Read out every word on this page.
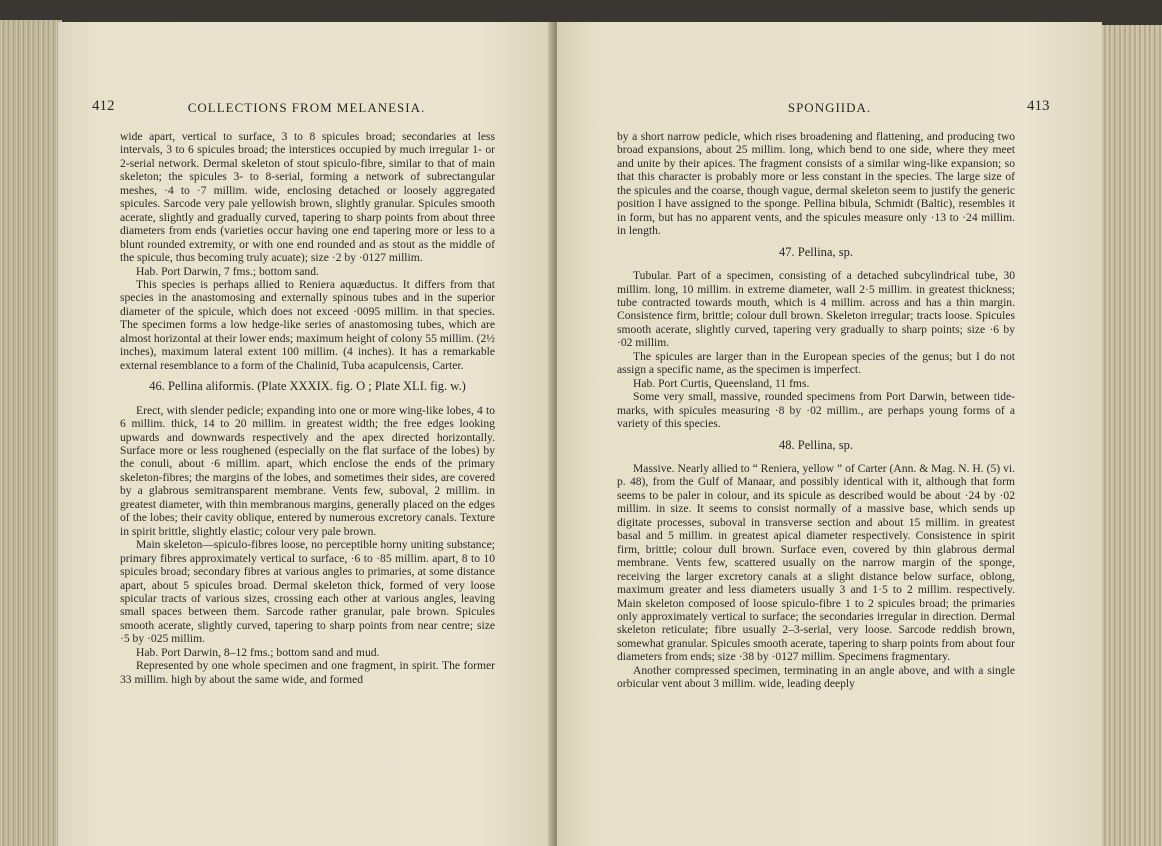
412	COLLECTIONS FROM MELANESIA.

wide apart, vertical to surface, 3 to 8 spicules broad; secondaries at less intervals, 3 to 6 spicules broad; the interstices occupied by much irregular 1- or 2-serial network. Dermal skeleton of stout spiculo-fibre, similar to that of main skeleton; the spicules 3- to 8-serial, forming a network of subrectangular meshes, ·4 to ·7 millim. wide, enclosing detached or loosely aggregated spicules. Sarcode very pale yellowish brown, slightly granular. Spicules smooth acerate, slightly and gradually curved, tapering to sharp points from about three diameters from ends (varieties occur having one end tapering more or less to a blunt rounded extremity, or with one end rounded and as stout as the middle of the spicule, thus becoming truly acuate); size ·2 by ·0127 millim.

Hab. Port Darwin, 7 fms.; bottom sand.

This species is perhaps allied to Reniera aquæductus. It differs from that species in the anastomosing and externally spinous tubes and in the superior diameter of the spicule, which does not exceed ·0095 millim. in that species. The specimen forms a low hedge-like series of anastomosing tubes, which are almost horizontal at their lower ends; maximum height of colony 55 millim. (2½ inches), maximum lateral extent 100 millim. (4 inches). It has a remarkable external resemblance to a form of the Chalinid, Tuba acapulcensis, Carter.

46. Pellina aliformis. (Plate XXXIX. fig. O ; Plate XLI. fig. w.)

Erect, with slender pedicle; expanding into one or more wing-like lobes, 4 to 6 millim. thick, 14 to 20 millim. in greatest width; the free edges looking upwards and downwards respectively and the apex directed horizontally. Surface more or less roughened (especially on the flat surface of the lobes) by the conuli, about ·6 millim. apart, which enclose the ends of the primary skeleton-fibres; the margins of the lobes, and sometimes their sides, are covered by a glabrous semitransparent membrane. Vents few, suboval, 2 millim. in greatest diameter, with thin membranous margins, generally placed on the edges of the lobes; their cavity oblique, entered by numerous excretory canals. Texture in spirit brittle, slightly elastic; colour very pale brown.

Main skeleton—spiculo-fibres loose, no perceptible horny uniting substance; primary fibres approximately vertical to surface, ·6 to ·85 millim. apart, 8 to 10 spicules broad; secondary fibres at various angles to primaries, at some distance apart, about 5 spicules broad. Dermal skeleton thick, formed of very loose spicular tracts of various sizes, crossing each other at various angles, leaving small spaces between them. Sarcode rather granular, pale brown. Spicules smooth acerate, slightly curved, tapering to sharp points from near centre; size ·5 by ·025 millim.

Hab. Port Darwin, 8–12 fms.; bottom sand and mud.

Represented by one whole specimen and one fragment, in spirit. The former 33 millim. high by about the same wide, and formed

SPONGIIDA.	413

by a short narrow pedicle, which rises broadening and flattening, and producing two broad expansions, about 25 millim. long, which bend to one side, where they meet and unite by their apices. The fragment consists of a similar wing-like expansion; so that this character is probably more or less constant in the species. The large size of the spicules and the coarse, though vague, dermal skeleton seem to justify the generic position I have assigned to the sponge. Pellina bibula, Schmidt (Baltic), resembles it in form, but has no apparent vents, and the spicules measure only ·13 to ·24 millim. in length.

47. Pellina, sp.

Tubular. Part of a specimen, consisting of a detached subcylindrical tube, 30 millim. long, 10 millim. in extreme diameter, wall 2·5 millim. in greatest thickness; tube contracted towards mouth, which is 4 millim. across and has a thin margin. Consistence firm, brittle; colour dull brown. Skeleton irregular; tracts loose. Spicules smooth acerate, slightly curved, tapering very gradually to sharp points; size ·6 by ·02 millim.

The spicules are larger than in the European species of the genus; but I do not assign a specific name, as the specimen is imperfect.

Hab. Port Curtis, Queensland, 11 fms.

Some very small, massive, rounded specimens from Port Darwin, between tide-marks, with spicules measuring ·8 by ·02 millim., are perhaps young forms of a variety of this species.

48. Pellina, sp.

Massive. Nearly allied to “ Reniera, yellow ” of Carter (Ann. & Mag. N. H. (5) vi. p. 48), from the Gulf of Manaar, and possibly identical with it, although that form seems to be paler in colour, and its spicule as described would be about ·24 by ·02 millim. in size. It seems to consist normally of a massive base, which sends up digitate processes, suboval in transverse section and about 15 millim. in greatest basal and 5 millim. in greatest apical diameter respectively. Consistence in spirit firm, brittle; colour dull brown. Surface even, covered by thin glabrous dermal membrane. Vents few, scattered usually on the narrow margin of the sponge, receiving the larger excretory canals at a slight distance below surface, oblong, maximum greater and less diameters usually 3 and 1·5 to 2 millim. respectively. Main skeleton composed of loose spiculo-fibre 1 to 2 spicules broad; the primaries only approximately vertical to surface; the secondaries irregular in direction. Dermal skeleton reticulate; fibre usually 2–3-serial, very loose. Sarcode reddish brown, somewhat granular. Spicules smooth acerate, tapering to sharp points from about four diameters from ends; size ·38 by ·0127 millim. Specimens fragmentary.

Another compressed specimen, terminating in an angle above, and with a single orbicular vent about 3 millim. wide, leading deeply
